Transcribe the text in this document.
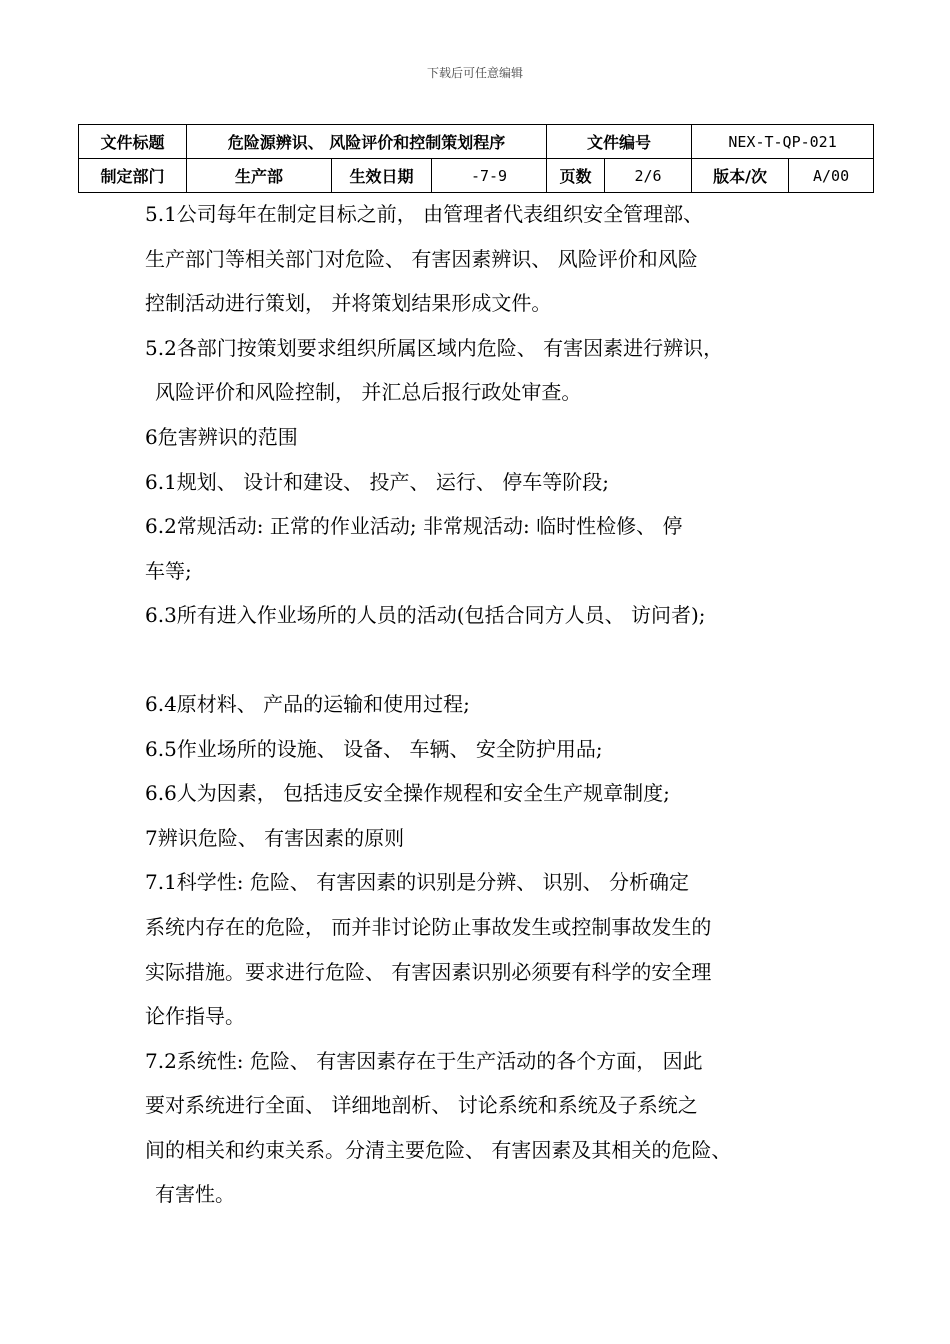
下载后可任意编辑
文件标题	危险源辨识、 风险评价和控制策划程序			文件编号		NEX-T-QP-021	
制定部门	生产部	生效日期	-7-9	页数	2/6	版本/次	A/00

5.1公司每年在制定目标之前， 由管理者代表组织安全管理部、

生产部门等相关部门对危险、 有害因素辨识、 风险评价和风险

控制活动进行策划， 并将策划结果形成文件。

5.2各部门按策划要求组织所属区域内危险、 有害因素进行辨识，

风险评价和风险控制， 并汇总后报行政处审查。

6危害辨识的范围

6.1规划、 设计和建设、 投产、 运行、 停车等阶段;

6.2常规活动: 正常的作业活动; 非常规活动: 临时性检修、 停

车等;

6.3所有进入作业场所的人员的活动(包括合同方人员、 访问者);

6.4原材料、 产品的运输和使用过程;

6.5作业场所的设施、 设备、 车辆、 安全防护用品;

6.6人为因素， 包括违反安全操作规程和安全生产规章制度;

7辨识危险、 有害因素的原则

7.1科学性: 危险、 有害因素的识别是分辨、 识别、 分析确定

系统内存在的危险， 而并非讨论防止事故发生或控制事故发生的

实际措施。要求进行危险、 有害因素识别必须要有科学的安全理

论作指导。

7.2系统性: 危险、 有害因素存在于生产活动的各个方面， 因此

要对系统进行全面、 详细地剖析、 讨论系统和系统及子系统之

间的相关和约束关系。分清主要危险、 有害因素及其相关的危险、

有害性。
